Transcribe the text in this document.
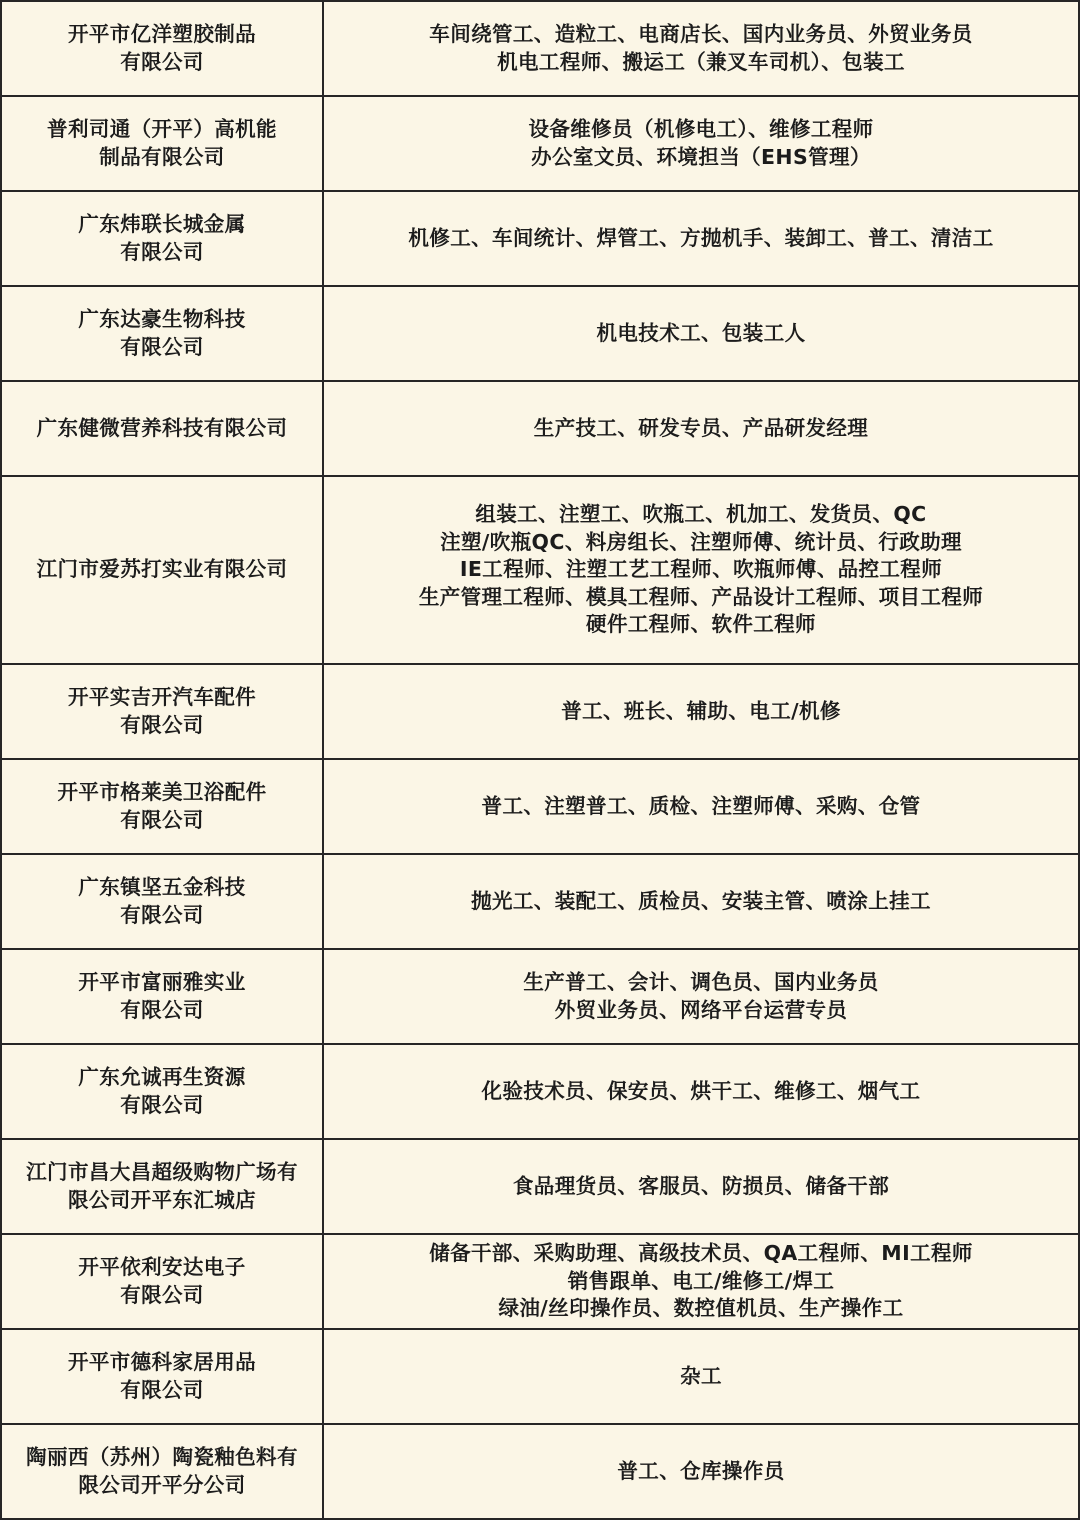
开平市亿洋塑胶制品
有限公司
车间绕管工、造粒工、电商店长、国内业务员、外贸业务员
机电工程师、搬运工（兼叉车司机）、包装工
普利司通（开平）高机能
制品有限公司
设备维修员（机修电工）、维修工程师
办公室文员、环境担当（EHS管理）
广东炜联长城金属
有限公司
机修工、车间统计、焊管工、方抛机手、装卸工、普工、清洁工
广东达豪生物科技
有限公司
机电技术工、包装工人
广东健微营养科技有限公司	生产技工、研发专员、产品研发经理
江门市爱苏打实业有限公司
组装工、注塑工、吹瓶工、机加工、发货员、QC
注塑/吹瓶QC、料房组长、注塑师傅、统计员、行政助理
IE工程师、注塑工艺工程师、吹瓶师傅、品控工程师
生产管理工程师、模具工程师、产品设计工程师、项目工程师
硬件工程师、软件工程师
开平实吉开汽车配件
有限公司
普工、班长、辅助、电工/机修
开平市格莱美卫浴配件
有限公司
普工、注塑普工、质检、注塑师傅、采购、仓管
广东镇坚五金科技
有限公司
抛光工、装配工、质检员、安装主管、喷涂上挂工
开平市富丽雅实业
有限公司
生产普工、会计、调色员、国内业务员
外贸业务员、网络平台运营专员
广东允诚再生资源
有限公司
化验技术员、保安员、烘干工、维修工、烟气工
江门市昌大昌超级购物广场有
限公司开平东汇城店
食品理货员、客服员、防损员、储备干部
开平依利安达电子
有限公司
储备干部、采购助理、高级技术员、QA工程师、MI工程师
销售跟单、电工/维修工/焊工
绿油/丝印操作员、数控值机员、生产操作工
开平市德科家居用品
有限公司
杂工
陶丽西（苏州）陶瓷釉色料有
限公司开平分公司
普工、仓库操作员
